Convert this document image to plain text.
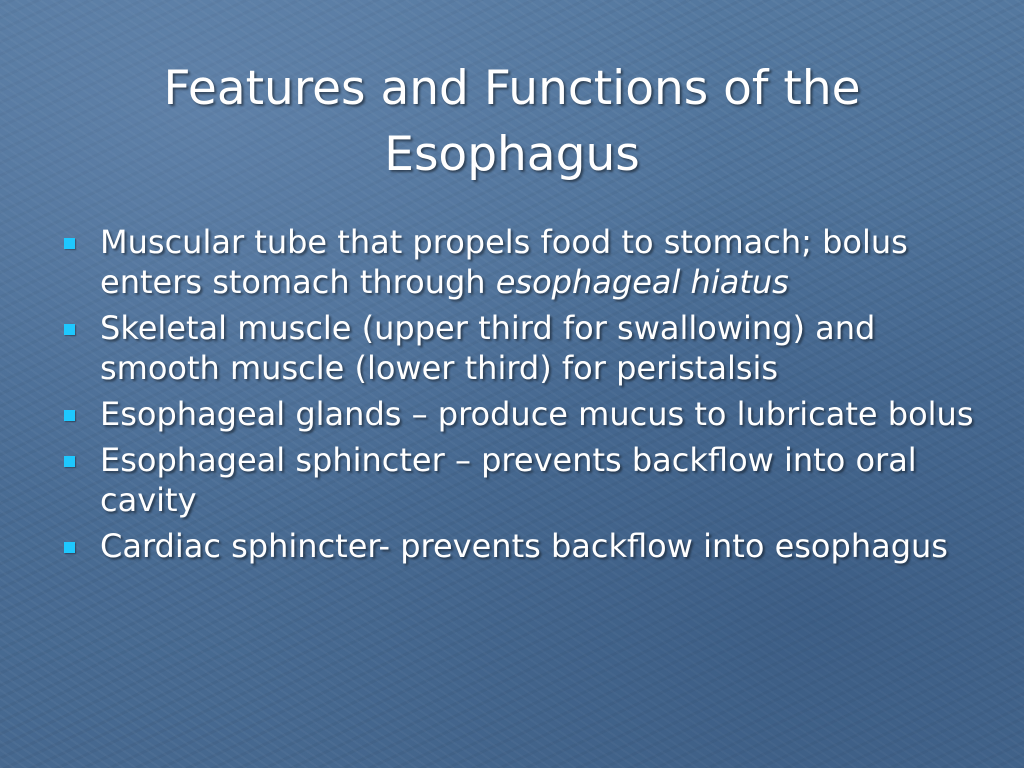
Features and Functions of the
Esophagus
Muscular tube that propels food to stomach; bolus enters stomach through esophageal hiatus
Skeletal muscle (upper third for swallowing) and smooth muscle (lower third) for peristalsis
Esophageal glands – produce mucus to lubricate bolus
Esophageal sphincter – prevents backflow into oral cavity
Cardiac sphincter- prevents backflow into esophagus
